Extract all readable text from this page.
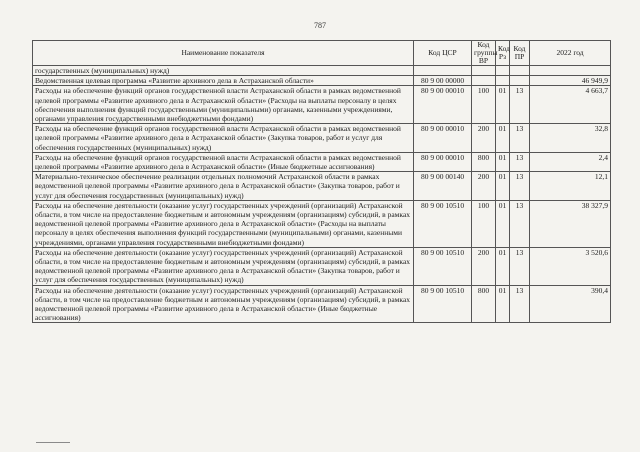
787
Наименование показателя	Код ЦСР	Код группы ВР	Код Рз	Код ПР	2022 год
государственных (муниципальных) нужд)					
Ведомственная целевая программа «Развитие архивного дела в Астраханской области»	80 9 00 00000				46 949,9
Расходы на обеспечение функций органов государственной власти Астраханской области в рамках ведомственной целевой программы «Развитие архивного дела в Астраханской области» (Расходы на выплаты персоналу в целях обеспечения выполнения функций государственными (муниципальными) органами, казенными учреждениями, органами управления государственными внебюджетными фондами)	80 9 00 00010	100	01	13	4 663,7
Расходы на обеспечение функций органов государственной власти Астраханской области в рамках ведомственной целевой программы «Развитие архивного дела в Астраханской области» (Закупка товаров, работ и услуг для обеспечения государственных (муниципальных) нужд)	80 9 00 00010	200	01	13	32,8
Расходы на обеспечение функций органов государственной власти Астраханской области в рамках ведомственной целевой программы «Развитие архивного дела в Астраханской области» (Иные бюджетные ассигнования)	80 9 00 00010	800	01	13	2,4
Материально-техническое обеспечение реализации отдельных полномочий Астраханской области в рамках ведомственной целевой программы «Развитие архивного дела в Астраханской области» (Закупка товаров, работ и услуг для обеспечения государственных (муниципальных) нужд)	80 9 00 00140	200	01	13	12,1
Расходы на обеспечение деятельности (оказание услуг) государственных учреждений (организаций) Астраханской области, в том числе на предоставление бюджетным и автономным учреждениям (организациям) субсидий, в рамках ведомственной целевой программы «Развитие архивного дела в Астраханской области» (Расходы на выплаты персоналу в целях обеспечения выполнения функций государственными (муниципальными) органами, казенными учреждениями, органами управления государственными внебюджетными фондами)	80 9 00 10510	100	01	13	38 327,9
Расходы на обеспечение деятельности (оказание услуг) государственных учреждений (организаций) Астраханской области, в том числе на предоставление бюджетным и автономным учреждениям (организациям) субсидий, в рамках ведомственной целевой программы «Развитие архивного дела в Астраханской области» (Закупка товаров, работ и услуг для обеспечения государственных (муниципальных) нужд)	80 9 00 10510	200	01	13	3 520,6
Расходы на обеспечение деятельности (оказание услуг) государственных учреждений (организаций) Астраханской области, в том числе на предоставление бюджетным и автономным учреждениям (организациям) субсидий, в рамках ведомственной целевой программы «Развитие архивного дела в Астраханской области» (Иные бюджетные ассигнования)	80 9 00 10510	800	01	13	390,4
